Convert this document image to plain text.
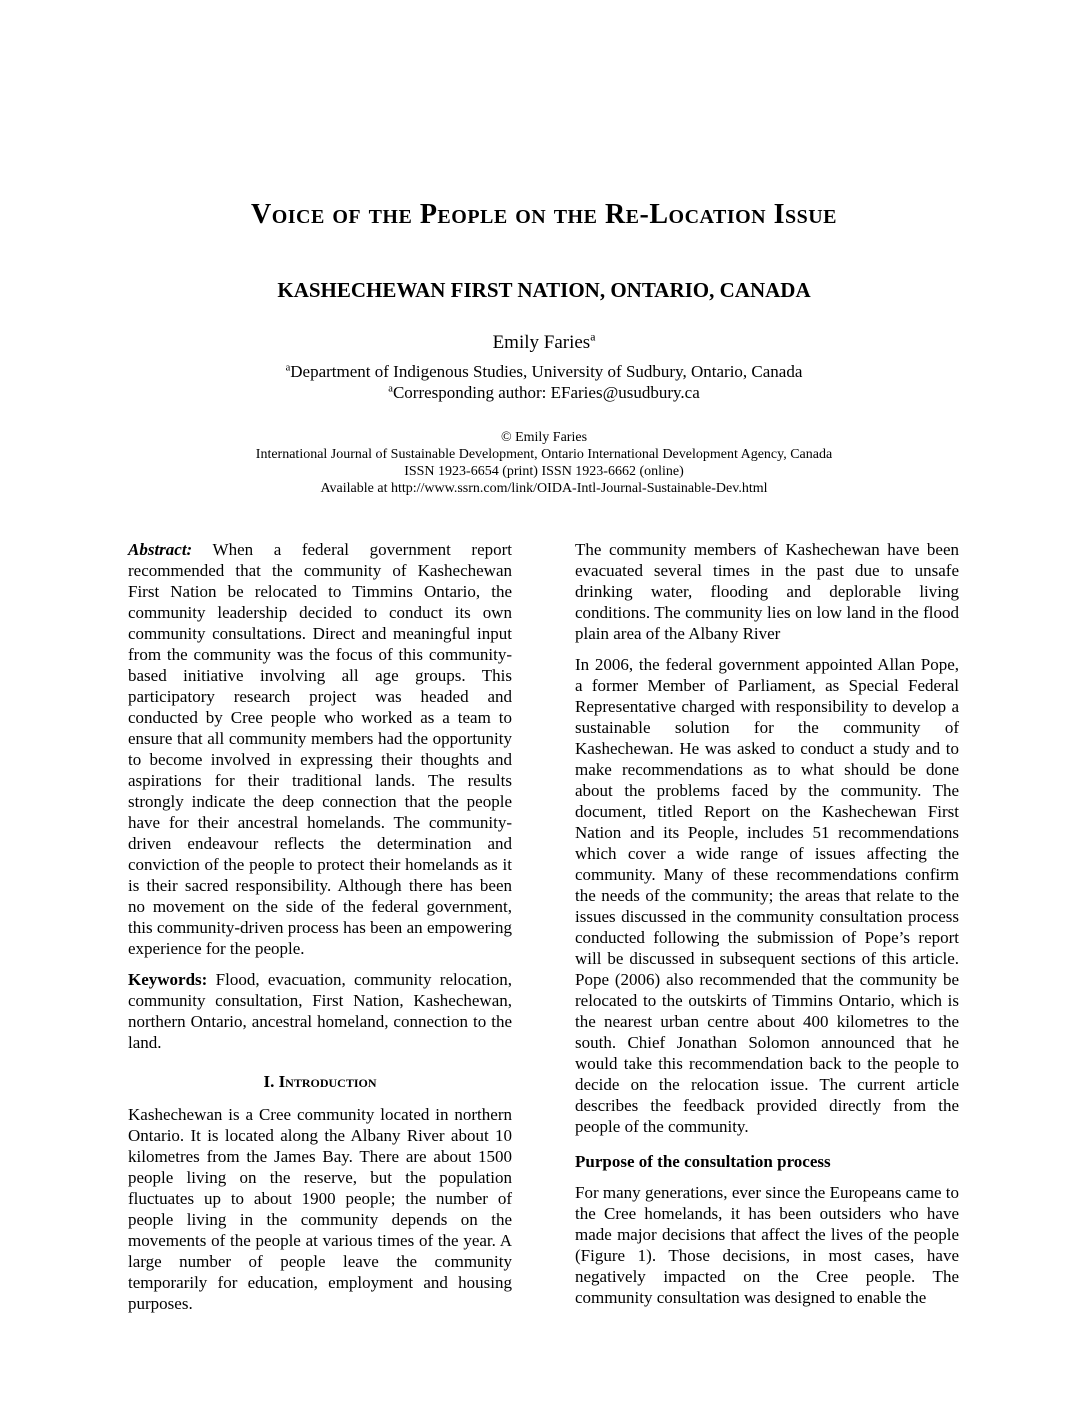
Voice of the People on the Re-Location Issue
KASHECHEWAN FIRST NATION, ONTARIO, CANADA
Emily Faries$^a$
$^a$Department of Indigenous Studies, University of Sudbury, Ontario, Canada
$^a$Corresponding author: EFaries@usudbury.ca
© Emily Faries
International Journal of Sustainable Development, Ontario International Development Agency, Canada
ISSN 1923-6654 (print) ISSN 1923-6662 (online)
Available at http://www.ssrn.com/link/OIDA-Intl-Journal-Sustainable-Dev.html

Abstract: When a federal government report recommended that the community of Kashechewan First Nation be relocated to Timmins Ontario, the community leadership decided to conduct its own community consultations. Direct and meaningful input from the community was the focus of this community-based initiative involving all age groups. This participatory research project was headed and conducted by Cree people who worked as a team to ensure that all community members had the opportunity to become involved in expressing their thoughts and aspirations for their traditional lands. The results strongly indicate the deep connection that the people have for their ancestral homelands. The community-driven endeavour reflects the determination and conviction of the people to protect their homelands as it is their sacred responsibility. Although there has been no movement on the side of the federal government, this community-driven process has been an empowering experience for the people.

Keywords: Flood, evacuation, community relocation, community consultation, First Nation, Kashechewan, northern Ontario, ancestral homeland, connection to the land.

I. Introduction

Kashechewan is a Cree community located in northern Ontario. It is located along the Albany River about 10 kilometres from the James Bay. There are about 1500 people living on the reserve, but the population fluctuates up to about 1900 people; the number of people living in the community depends on the movements of the people at various times of the year. A large number of people leave the community temporarily for education, employment and housing purposes.

The community members of Kashechewan have been evacuated several times in the past due to unsafe drinking water, flooding and deplorable living conditions. The community lies on low land in the flood plain area of the Albany River

In 2006, the federal government appointed Allan Pope, a former Member of Parliament, as Special Federal Representative charged with responsibility to develop a sustainable solution for the community of Kashechewan. He was asked to conduct a study and to make recommendations as to what should be done about the problems faced by the community. The document, titled Report on the Kashechewan First Nation and its People, includes 51 recommendations which cover a wide range of issues affecting the community. Many of these recommendations confirm the needs of the community; the areas that relate to the issues discussed in the community consultation process conducted following the submission of Pope’s report will be discussed in subsequent sections of this article. Pope (2006) also recommended that the community be relocated to the outskirts of Timmins Ontario, which is the nearest urban centre about 400 kilometres to the south. Chief Jonathan Solomon announced that he would take this recommendation back to the people to decide on the relocation issue. The current article describes the feedback provided directly from the people of the community.

Purpose of the consultation process

For many generations, ever since the Europeans came to the Cree homelands, it has been outsiders who have made major decisions that affect the lives of the people (Figure 1). Those decisions, in most cases, have negatively impacted on the Cree people. The community consultation was designed to enable the
